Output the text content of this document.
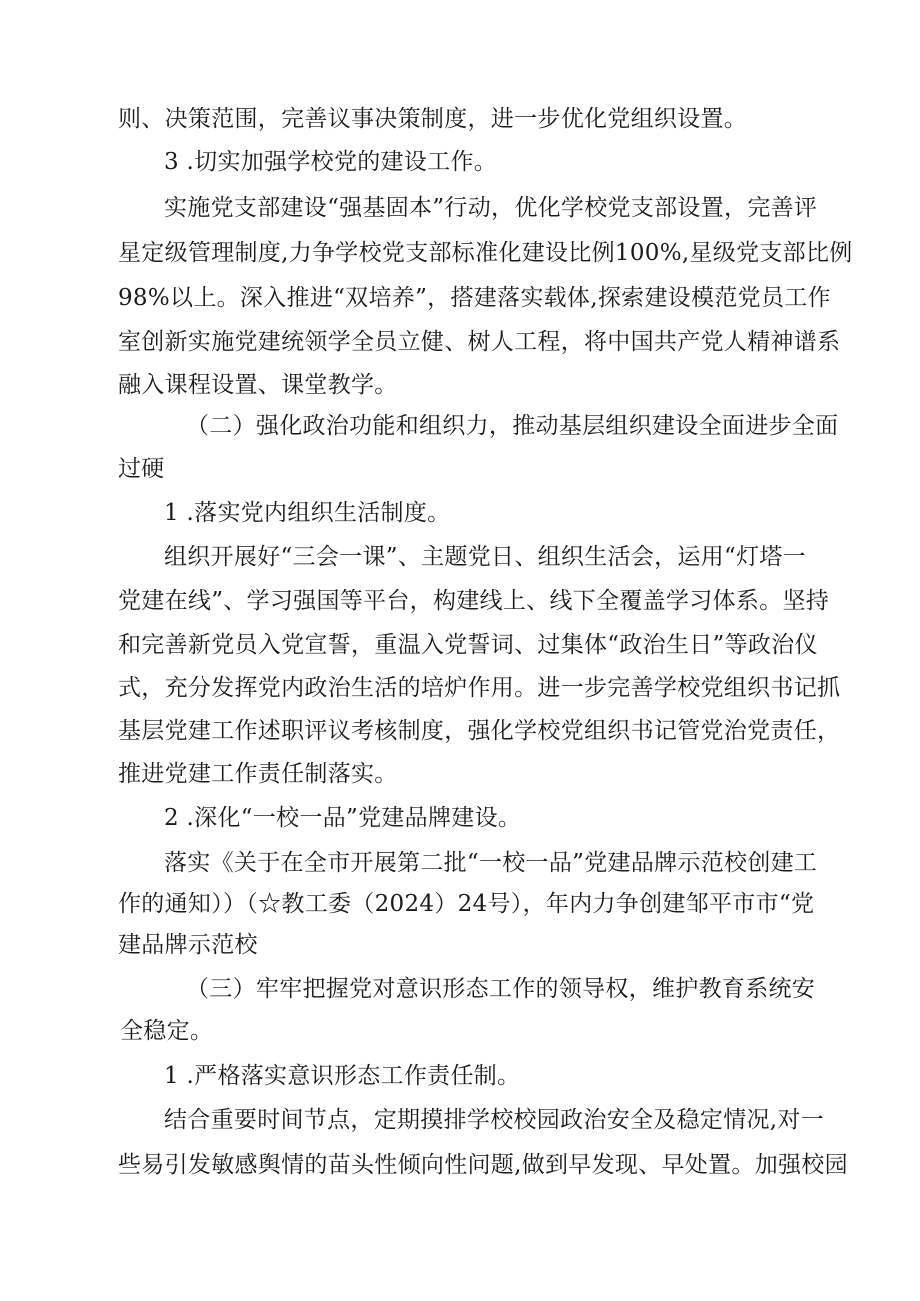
则、决策范围，完善议事决策制度，进一步优化党组织设置。
3 .切实加强学校党的建设工作。
实施党支部建设“强基固本”行动，优化学校党支部设置，完善评
星定级管理制度,力争学校党支部标准化建设比例100%,星级党支部比例
98%以上。深入推进“双培养”，搭建落实载体,探索建设模范党员工作
室创新实施党建统领学全员立健、树人工程，将中国共产党人精神谱系
融入课程设置、课堂教学。
（二）强化政治功能和组织力，推动基层组织建设全面进步全面
过硬
1 .落实党内组织生活制度。
组织开展好“三会一课”、主题党日、组织生活会，运用“灯塔一
党建在线”、学习强国等平台，构建线上、线下全覆盖学习体系。坚持
和完善新党员入党宣誓，重温入党誓词、过集体“政治生日”等政治仪
式，充分发挥党内政治生活的培炉作用。进一步完善学校党组织书记抓
基层党建工作述职评议考核制度，强化学校党组织书记管党治党责任，
推进党建工作责任制落实。
2 .深化“一校一品”党建品牌建设。
落实《关于在全市开展第二批“一校一品”党建品牌示范校创建工
作的通知））（☆教工委（2024）24号），年内力争创建邹平市市“党
建品牌示范校
（三）牢牢把握党对意识形态工作的领导权，维护教育系统安
全稳定。
1 .严格落实意识形态工作责任制。
结合重要时间节点，定期摸排学校校园政治安全及稳定情况,对一
些易引发敏感舆情的苗头性倾向性问题,做到早发现、早处置。加强校园
